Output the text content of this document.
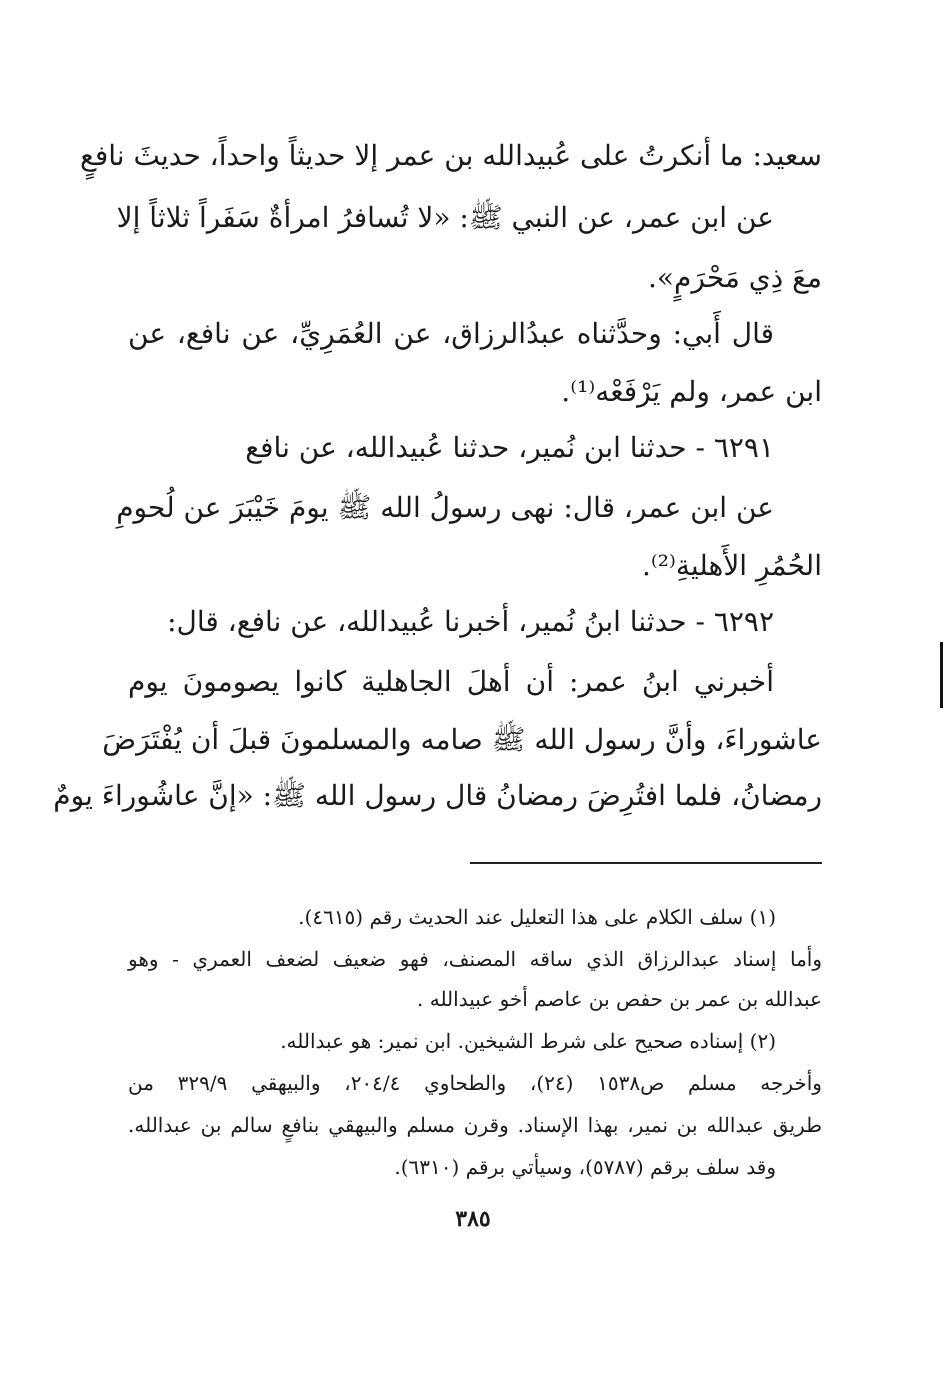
سعيد: ما أنكرتُ على عُبيدالله بن عمر إلا حديثاً واحداً، حديثَ نافعٍ
عن ابن عمر، عن النبي ﷺ: «لا تُسافرُ امرأةٌ سَفَراً ثلاثاً إلا
معَ ذِي مَحْرَمٍ».
قال أَبي: وحدَّثناه عبدُالرزاق، عن العُمَرِيِّ، عن نافع، عن
ابن عمر، ولم يَرْفَعْه⁽¹⁾.
٦٢٩١ - حدثنا ابن نُمير، حدثنا عُبيدالله، عن نافع
عن ابن عمر، قال: نهى رسولُ الله ﷺ يومَ خَيْبَرَ عن لُحومِ
الحُمُرِ الأَهليةِ⁽²⁾.
٦٢٩٢ - حدثنا ابنُ نُمير، أخبرنا عُبيدالله، عن نافع، قال:
أخبرني ابنُ عمر: أن أهلَ الجاهلية كانوا يصومونَ يوم
عاشوراءَ، وأنَّ رسول الله ﷺ صامه والمسلمونَ قبلَ أن يُفْتَرَضَ
رمضانُ، فلما افتُرِضَ رمضانُ قال رسول الله ﷺ: «إنَّ عاشُوراءَ يومٌ
(١) سلف الكلام على هذا التعليل عند الحديث رقم (٤٦١٥).
وأما إسناد عبدالرزاق الذي ساقه المصنف، فهو ضعيف لضعف العمري - وهو
عبدالله بن عمر بن حفص بن عاصم أخو عبيدالله .
(٢) إسناده صحيح على شرط الشيخين. ابن نمير: هو عبدالله.
وأخرجه مسلم ص١٥٣٨ (٢٤)، والطحاوي ٢٠٤/٤، والبيهقي ٣٢٩/٩ من
طريق عبدالله بن نمير، بهذا الإسناد. وقرن مسلم والبيهقي بنافعٍ سالم بن عبدالله.
وقد سلف برقم (٥٧٨٧)، وسيأتي برقم (٦٣١٠).
٣٨٥
